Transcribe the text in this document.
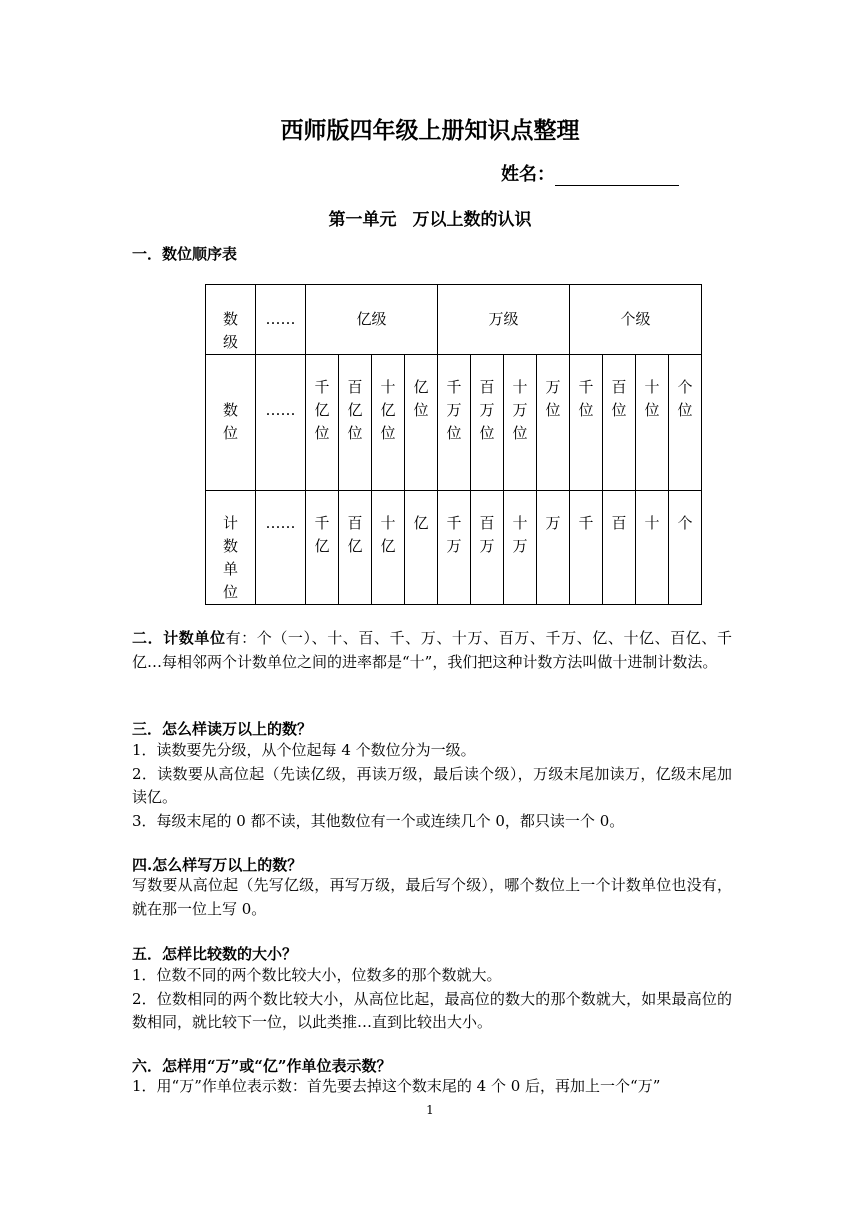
西师版四年级上册知识点整理
姓名：
第一单元 万以上数的认识
一．数位顺序表
数级	……	亿级				万级				个级			

数位	……	千亿位	百亿位	十亿位	亿位	千万位	百万位	十万位	万位	千位	百位	十位	个位

计数单位	……	千亿	百亿	十亿	亿	千万	百万	十万	万	千	百	十	个
二．计数单位有：个（一）、十、百、千、万、十万、百万、千万、亿、十亿、百亿、千亿…每相邻两个计数单位之间的进率都是“十”，我们把这种计数方法叫做十进制计数法。
三．怎么样读万以上的数？
1．读数要先分级，从个位起每 4 个数位分为一级。
2．读数要从高位起（先读亿级，再读万级，最后读个级），万级末尾加读万，亿级末尾加读亿。
3．每级末尾的 0 都不读，其他数位有一个或连续几个 0，都只读一个 0。
四.怎么样写万以上的数？
写数要从高位起（先写亿级，再写万级，最后写个级），哪个数位上一个计数单位也没有，就在那一位上写 0。
五．怎样比较数的大小？
1．位数不同的两个数比较大小，位数多的那个数就大。
2．位数相同的两个数比较大小，从高位比起，最高位的数大的那个数就大，如果最高位的数相同，就比较下一位，以此类推…直到比较出大小。
六．怎样用“万”或“亿”作单位表示数？
1．用“万”作单位表示数：首先要去掉这个数末尾的 4 个 0 后，再加上一个“万”
1
